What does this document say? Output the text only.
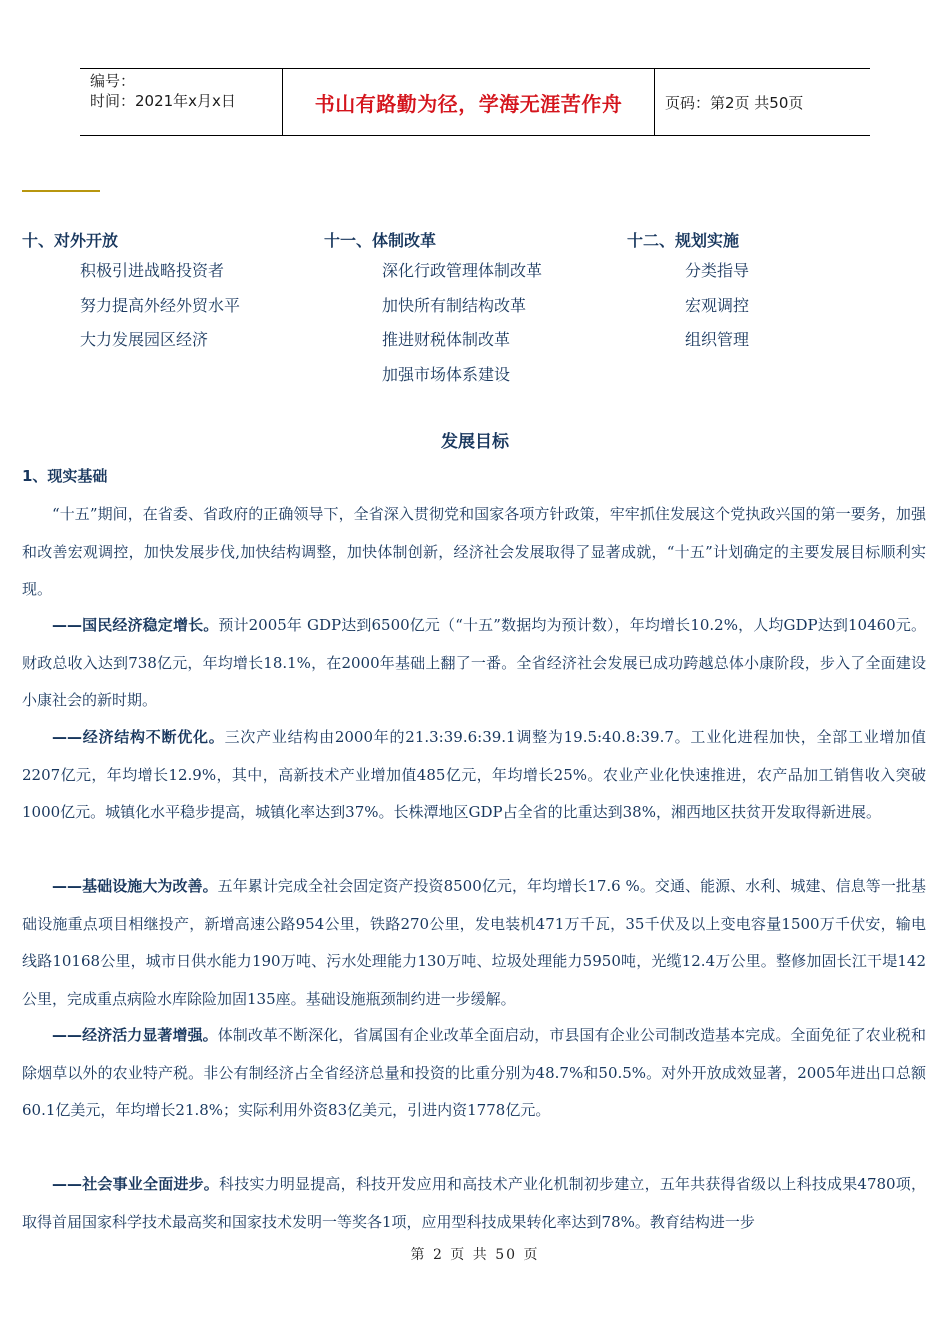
编号：
时间：2021年x月x日	书山有路勤为径，学海无涯苦作舟	页码：第2页 共50页
十、对外开放
积极引进战略投资者
努力提高外经外贸水平
大力发展园区经济
十一、体制改革
深化行政管理体制改革
加快所有制结构改革
推进财税体制改革
加强市场体系建设
十二、规划实施
分类指导
宏观调控
组织管理
发展目标
1、现实基础

“十五”期间，在省委、省政府的正确领导下，全省深入贯彻党和国家各项方针政策，牢牢抓住发展这个党执政兴国的第一要务，加强和改善宏观调控，加快发展步伐,加快结构调整，加快体制创新，经济社会发展取得了显著成就，“十五”计划确定的主要发展目标顺利实现。

——国民经济稳定增长。预计2005年 GDP达到6500亿元（“十五”数据均为预计数），年均增长10.2%，人均GDP达到10460元。财政总收入达到738亿元，年均增长18.1%，在2000年基础上翻了一番。全省经济社会发展已成功跨越总体小康阶段，步入了全面建设小康社会的新时期。

——经济结构不断优化。三次产业结构由2000年的21.3:39.6:39.1调整为19.5:40.8:39.7。工业化进程加快，全部工业增加值2207亿元，年均增长12.9%，其中，高新技术产业增加值485亿元，年均增长25%。农业产业化快速推进，农产品加工销售收入突破1000亿元。城镇化水平稳步提高，城镇化率达到37%。长株潭地区GDP占全省的比重达到38%，湘西地区扶贫开发取得新进展。

——基础设施大为改善。五年累计完成全社会固定资产投资8500亿元，年均增长17.6 %。交通、能源、水利、城建、信息等一批基础设施重点项目相继投产，新增高速公路954公里，铁路270公里，发电装机471万千瓦，35千伏及以上变电容量1500万千伏安，输电线路10168公里，城市日供水能力190万吨、污水处理能力130万吨、垃圾处理能力5950吨，光缆12.4万公里。整修加固长江干堤142公里，完成重点病险水库除险加固135座。基础设施瓶颈制约进一步缓解。

——经济活力显著增强。体制改革不断深化，省属国有企业改革全面启动，市县国有企业公司制改造基本完成。全面免征了农业税和除烟草以外的农业特产税。非公有制经济占全省经济总量和投资的比重分别为48.7%和50.5%。对外开放成效显著，2005年进出口总额60.1亿美元，年均增长21.8%；实际利用外资83亿美元，引进内资1778亿元。

——社会事业全面进步。科技实力明显提高，科技开发应用和高技术产业化机制初步建立，五年共获得省级以上科技成果4780项，取得首届国家科学技术最高奖和国家技术发明一等奖各1项，应用型科技成果转化率达到78%。教育结构进一步

第 2 页 共 50 页
